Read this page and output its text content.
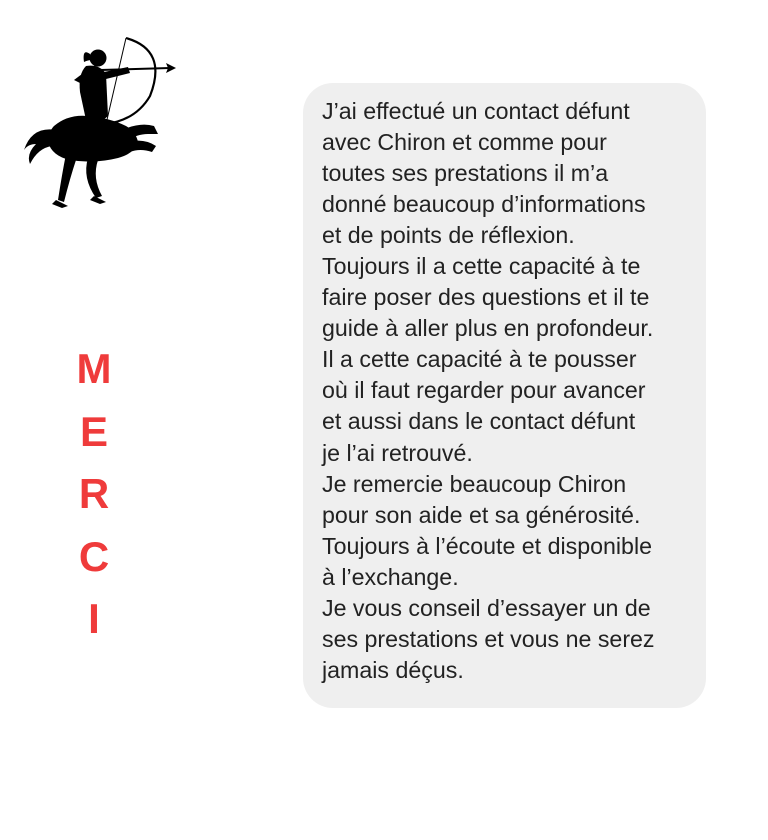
M
E
R
C
I

J’ai effectué un contact défunt
avec Chiron et comme pour
toutes ses prestations il m’a
donné beaucoup d’informations
et de points de réflexion.
Toujours il a cette capacité à te
faire poser des questions et il te
guide à aller plus en profondeur.
Il a cette capacité à te pousser
où il faut regarder pour avancer
et aussi dans le contact défunt
je l’ai retrouvé.
Je remercie beaucoup Chiron
pour son aide et sa générosité.
Toujours à l’écoute et disponible
à l’exchange.
Je vous conseil d’essayer un de
ses prestations et vous ne serez
jamais déçus.
